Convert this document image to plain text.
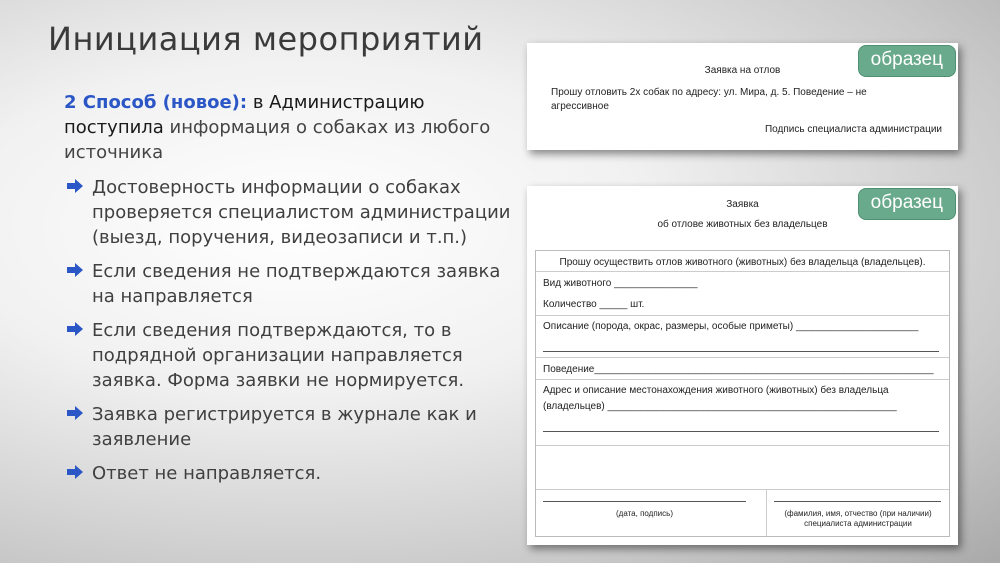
Инициация мероприятий
2 Способ (новое): в Администрацию поступила информация о собаках из любого источника
Достоверность информации о собаках проверяется специалистом администрации (выезд, поручения, видеозаписи и т.п.)
Если сведения не подтверждаются заявка на направляется
Если сведения подтверждаются, то в подрядной организации направляется заявка. Форма заявки не нормируется.
Заявка регистрируется в журнале как и заявление
Ответ не направляется.
образец
Заявка на отлов
Прошу отловить 2х собак по адресу: ул. Мира, д. 5. Поведение – не агрессивное
Подпись специалиста администрации
образец
Заявка
об отлове животных без владельцев
Прошу осуществить отлов животного (животных) без владельца (владельцев).
Вид животного _______________
Количество _____ шт.
Описание (порода, окрас, размеры, особые приметы) ______________________
Поведение_____________________________________________________________
Адрес и описание местонахождения животного (животных) без владельца
(владельцев) ____________________________________________________
(дата, подпись)	(фамилия, имя, отчество (при наличии) специалиста администрации
